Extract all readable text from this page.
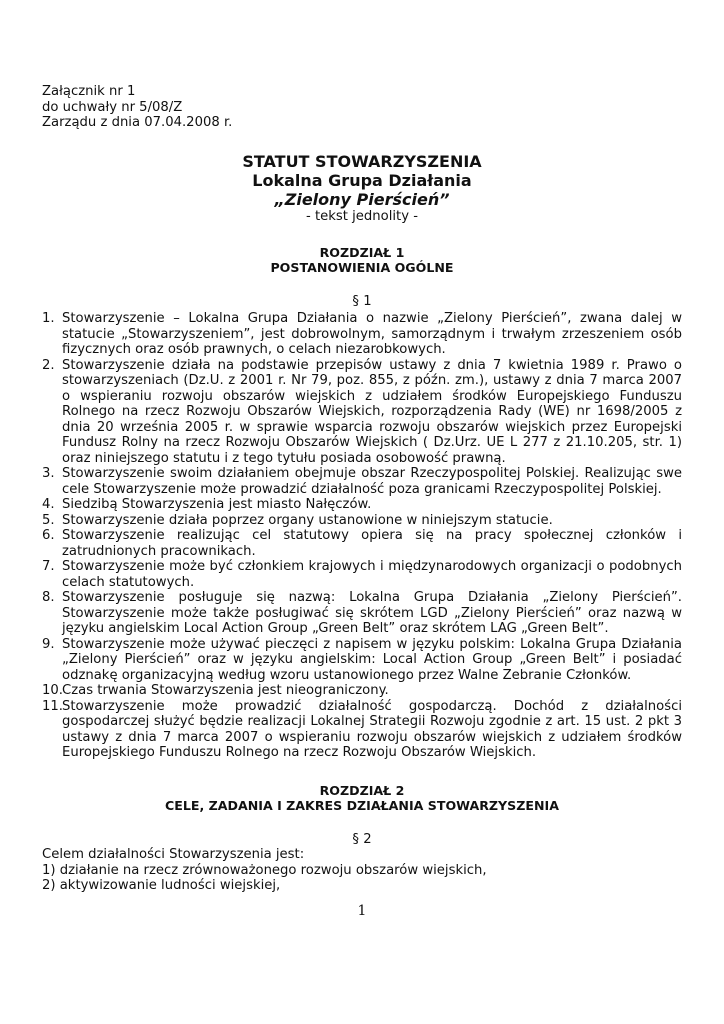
Załącznik nr 1
do uchwały nr 5/08/Z
Zarządu z dnia 07.04.2008 r.
STATUT STOWARZYSZENIA
Lokalna Grupa Działania
„Zielony Pierścień”
- tekst jednolity -
ROZDZIAŁ 1
POSTANOWIENIA OGÓLNE
§ 1
1. Stowarzyszenie – Lokalna Grupa Działania o nazwie „Zielony Pierścień”, zwana dalej w statucie „Stowarzyszeniem”, jest dobrowolnym, samorządnym i trwałym zrzeszeniem osób fizycznych oraz osób prawnych, o celach niezarobkowych.
2. Stowarzyszenie działa na podstawie przepisów ustawy z dnia 7 kwietnia 1989 r. Prawo o stowarzyszeniach (Dz.U. z 2001 r. Nr 79, poz. 855, z późn. zm.), ustawy z dnia 7 marca 2007 o wspieraniu rozwoju obszarów wiejskich z udziałem środków Europejskiego Funduszu Rolnego na rzecz Rozwoju Obszarów Wiejskich, rozporządzenia Rady (WE) nr 1698/2005 z dnia 20 września 2005 r. w sprawie wsparcia rozwoju obszarów wiejskich przez Europejski Fundusz Rolny na rzecz Rozwoju Obszarów Wiejskich ( Dz.Urz. UE L 277 z 21.10.205, str. 1) oraz niniejszego statutu i z tego tytułu posiada osobowość prawną.
3. Stowarzyszenie swoim działaniem obejmuje obszar Rzeczypospolitej Polskiej. Realizując swe cele Stowarzyszenie może prowadzić działalność poza granicami Rzeczypospolitej Polskiej.
4. Siedzibą Stowarzyszenia jest miasto Nałęczów.
5. Stowarzyszenie działa poprzez organy ustanowione w niniejszym statucie.
6. Stowarzyszenie realizując cel statutowy opiera się na pracy społecznej członków i zatrudnionych pracownikach.
7. Stowarzyszenie może być członkiem krajowych i międzynarodowych organizacji o podobnych celach statutowych.
8. Stowarzyszenie posługuje się nazwą: Lokalna Grupa Działania „Zielony Pierścień”. Stowarzyszenie może także posługiwać się skrótem LGD „Zielony Pierścień” oraz nazwą w języku angielskim Local Action Group „Green Belt” oraz skrótem LAG „Green Belt”.
9. Stowarzyszenie może używać pieczęci z napisem w języku polskim: Lokalna Grupa Działania „Zielony Pierścień” oraz w języku angielskim: Local Action Group „Green Belt” i posiadać odznakę organizacyjną według wzoru ustanowionego przez Walne Zebranie Członków.
10. Czas trwania Stowarzyszenia jest nieograniczony.
11. Stowarzyszenie może prowadzić działalność gospodarczą. Dochód z działalności gospodarczej służyć będzie realizacji Lokalnej Strategii Rozwoju zgodnie z art. 15 ust. 2 pkt 3 ustawy z dnia 7 marca 2007 o wspieraniu rozwoju obszarów wiejskich z udziałem środków Europejskiego Funduszu Rolnego na rzecz Rozwoju Obszarów Wiejskich.
ROZDZIAŁ 2
CELE, ZADANIA I ZAKRES DZIAŁANIA STOWARZYSZENIA
§ 2
Celem działalności Stowarzyszenia jest:
1) działanie na rzecz zrównoważonego rozwoju obszarów wiejskich,
2) aktywizowanie ludności wiejskiej,
1
